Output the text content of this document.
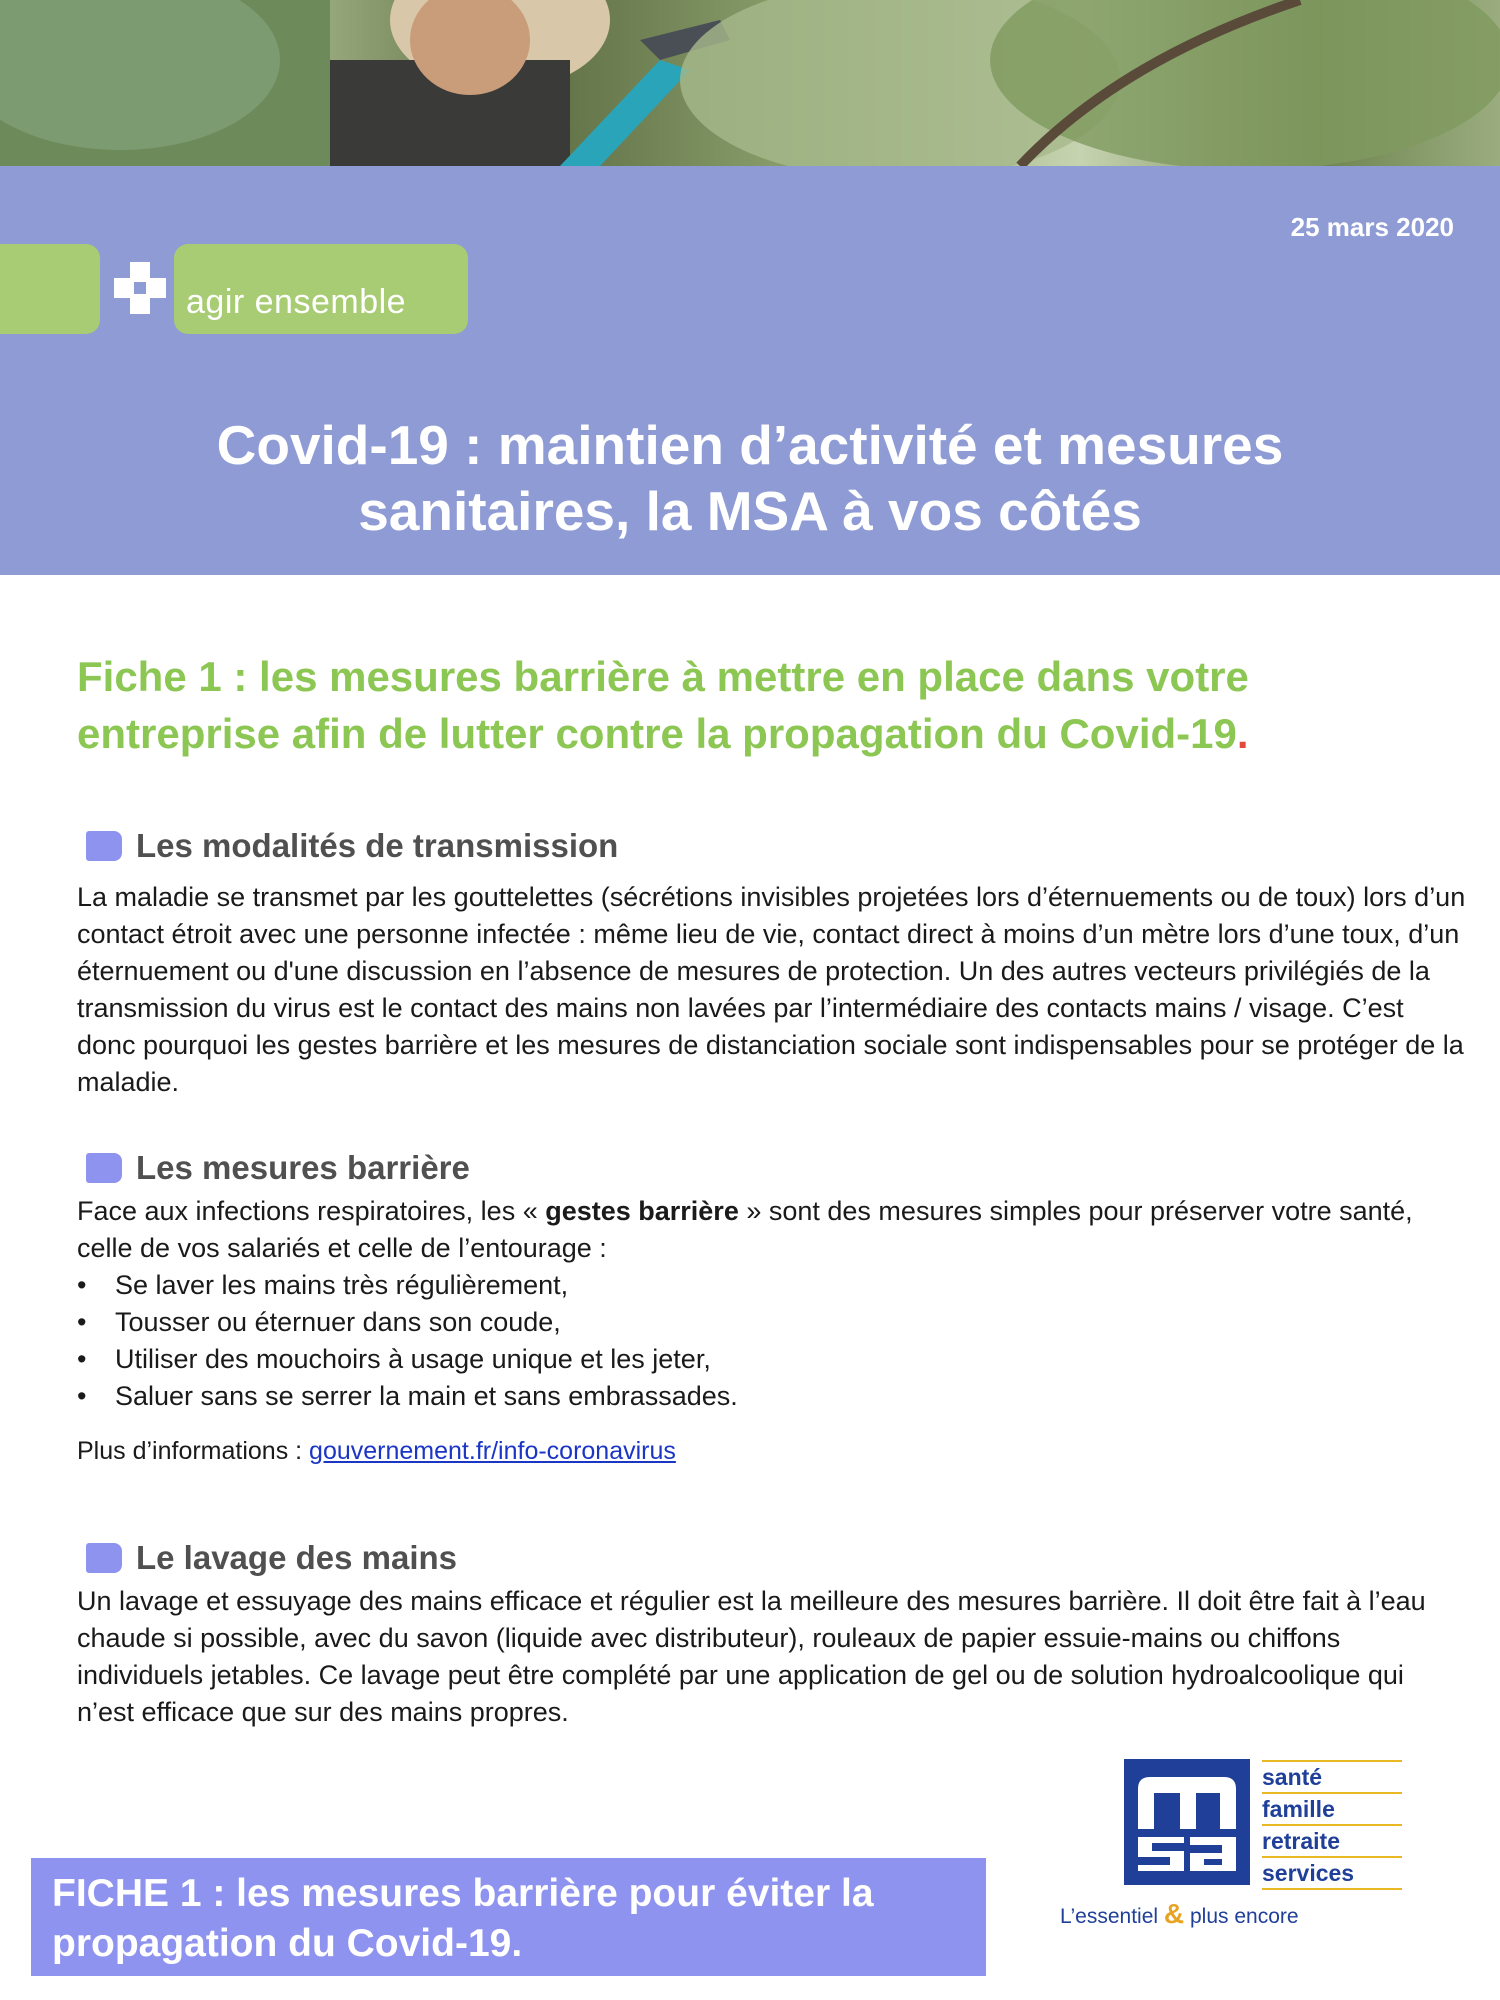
25 mars 2020
agir ensemble
Covid-19 : maintien d’activité et mesures
sanitaires, la MSA à vos côtés
Fiche 1 : les mesures barrière à mettre en place dans votre
entreprise afin de lutter contre la propagation du Covid-19.
Les modalités de transmission
La maladie se transmet par les gouttelettes (sécrétions invisibles projetées lors d’éternuements ou de toux) lors d’un contact étroit avec une personne infectée : même lieu de vie, contact direct à moins d’un mètre lors d’une toux, d’un éternuement ou d'une discussion en l’absence de mesures de protection. Un des autres vecteurs privilégiés de la transmission du virus est le contact des mains non lavées par l’intermédiaire des contacts mains / visage. C’est donc pourquoi les gestes barrière et les mesures de distanciation sociale sont indispensables pour se protéger de la maladie.
Les mesures barrière
Face aux infections respiratoires, les « gestes barrière » sont des mesures simples pour préserver votre santé, celle de vos salariés et celle de l’entourage :
• Se laver les mains très régulièrement,
• Tousser ou éternuer dans son coude,
• Utiliser des mouchoirs à usage unique et les jeter,
• Saluer sans se serrer la main et sans embrassades.
Plus d’informations : gouvernement.fr/info-coronavirus
Le lavage des mains
Un lavage et essuyage des mains efficace et régulier est la meilleure des mesures barrière. Il doit être fait à l’eau chaude si possible, avec du savon (liquide avec distributeur), rouleaux de papier essuie-mains ou chiffons individuels jetables. Ce lavage peut être complété par une application de gel ou de solution hydroalcoolique qui n’est efficace que sur des mains propres.
santé
famille
retraite
services
L’essentiel & plus encore
FICHE 1 : les mesures barrière pour éviter la
propagation du Covid-19.
